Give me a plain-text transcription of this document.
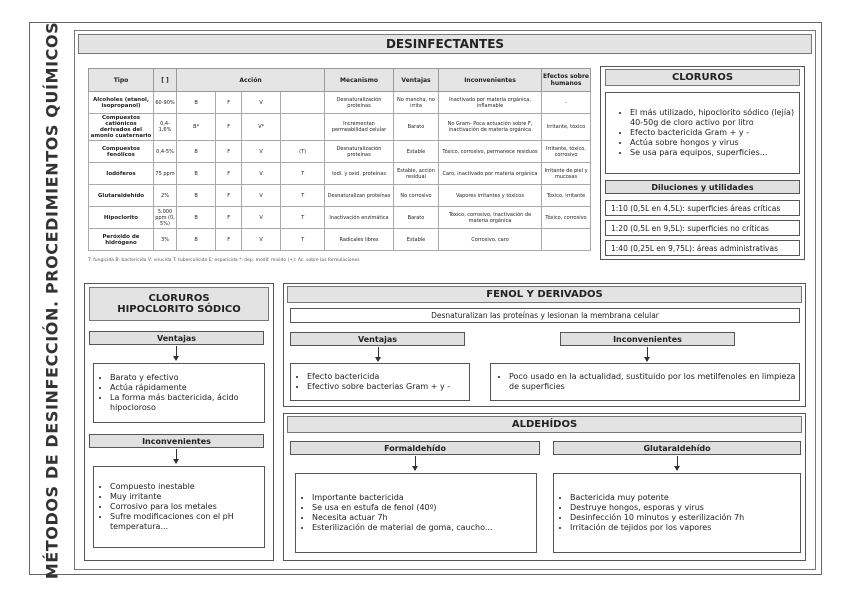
MÉTODOS DE DESINFECCIÓN. PROCEDIMIENTOS QUÍMICOS	DESINFECTANTES
Tipo	[ ]	Acción				Mecanismo	Ventajas	Inconvenientes	Efectos sobre humanos
Alcoholes (etanol, isopropanol)	60-90%	B	F	V		Desnaturalización proteínas	No mancha, no irrita	Inactivado por materia orgánica, inflamable	-
Compuestos catiónicos derivados del amonio cuaternario	0,4-1,6%	B*	F	V*		Incrementan permeabilidad celular	Barato	No Gram- Poca actuación sobre F, inactivación de materia orgánica	Irritante, tóxico
Compuestos fenólicos	0,4-5%	B	F	V	(T)	Desnaturalización proteínas	Estable	Tóxico, corrosivo, permanece residuos	Irritante, tóxico, corrosivo
Iodóferos	75 ppm	B	F	V	T	Iodi. y oxid. proteínas	Estable, acción residual	Caro, inactivado por materia orgánica	Irritante de piel y mucosas
Glutaraldehído	2%	B	F	V	T	Desnaturalizan proteínas	No corrosivo	Vapores irritantes y tóxicos	Tóxico, irritante
Hipoclorito	5.000 ppm (0, 5%)	B	F	V	T	Inactivación enzimática	Barato	Tóxico, corrosivo, inactivación de materia orgánica	Tóxico, corrosivo
Peróxido de hidrógeno	3%	B	F	V	T	Radicales libres	Estable	Corrosivo, caro	
T: fungicida B: bactericida V: virucida T: tuberculicida E: esporicida *: dep. modif. mixido (+): Ac. sobre las formulaciones
CLORUROS
• El más utilizado, hipoclorito sódico (lejía) 40-50g de cloro activo por litro
• Efecto bactericida Gram + y -
• Actúa sobre hongos y virus
• Se usa para equipos, superficies...
Diluciones y utilidades
1:10 (0,5L en 4,5L): superficies áreas críticas
1:20 (0,5L en 9,5L): superficies no críticas
1:40 (0,25L en 9,75L): áreas administrativas
CLORUROS
HIPOCLORITO SÓDICO
Ventajas
• Barato y efectivo
• Actúa rápidamente
• La forma más bactericida, ácido hipocloroso
Inconvenientes
• Compuesto inestable
• Muy irritante
• Corrosivo para los metales
• Sufre modificaciones con el pH temperatura...
FENOL Y DERIVADOS
Desnaturalizan las proteínas y lesionan la membrana celular
Ventajas
• Efecto bactericida
• Efectivo sobre bacterias Gram + y -
Inconvenientes
• Poco usado en la actualidad, sustituido por los metilfenoles en limpieza de superficies
ALDEHÍDOS
Formaldehído
• Importante bactericida
• Se usa en estufa de fenol (40º)
• Necesita actuar 7h
• Esterilización de material de goma, caucho...
Glutaraldehído
• Bactericida muy potente
• Destruye hongos, esporas y virus
• Desinfección 10 minutos y esterilización 7h
• Irritación de tejidos por los vapores
